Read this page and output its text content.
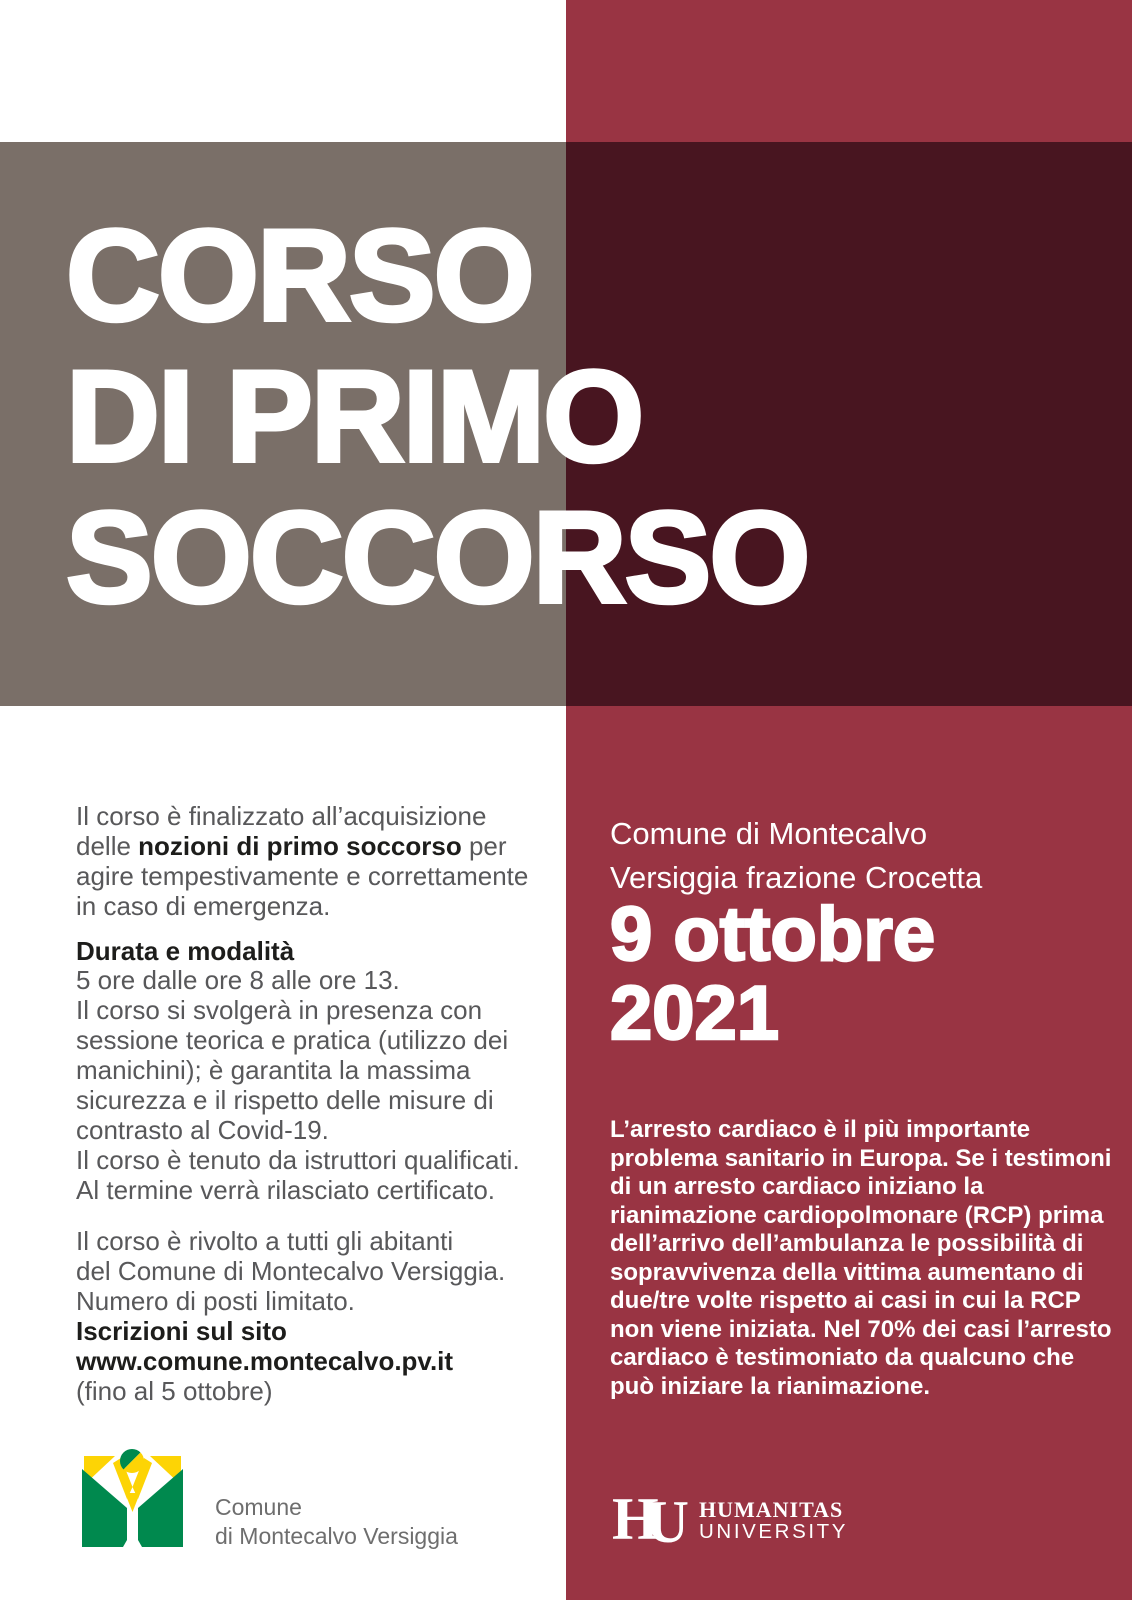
CORSO
DI PRIMO
SOCCORSO
Il corso è finalizzato all’acquisizione
delle nozioni di primo soccorso per
agire tempestivamente e correttamente
in caso di emergenza.
Durata e modalità
5 ore dalle ore 8 alle ore 13.
Il corso si svolgerà in presenza con
sessione teorica e pratica (utilizzo dei
manichini); è garantita la massima
sicurezza e il rispetto delle misure di
contrasto al Covid-19.
Il corso è tenuto da istruttori qualificati.
Al termine verrà rilasciato certificato.
Il corso è rivolto a tutti gli abitanti
del Comune di Montecalvo Versiggia.
Numero di posti limitato.
Iscrizioni sul sito
www.comune.montecalvo.pv.it
(fino al 5 ottobre)
Comune
di Montecalvo Versiggia
Comune di Montecalvo
Versiggia frazione Crocetta
9 ottobre
2021
L’arresto cardiaco è il più importante
problema sanitario in Europa. Se i testimoni
di un arresto cardiaco iniziano la
rianimazione cardiopolmonare (RCP) prima
dell’arrivo dell’ambulanza le possibilità di
sopravvivenza della vittima aumentano di
due/tre volte rispetto ai casi in cui la RCP
non viene iniziata. Nel 70% dei casi l’arresto
cardiaco è testimoniato da qualcuno che
può iniziare la rianimazione.
HU HUMANITAS
UNIVERSITY
